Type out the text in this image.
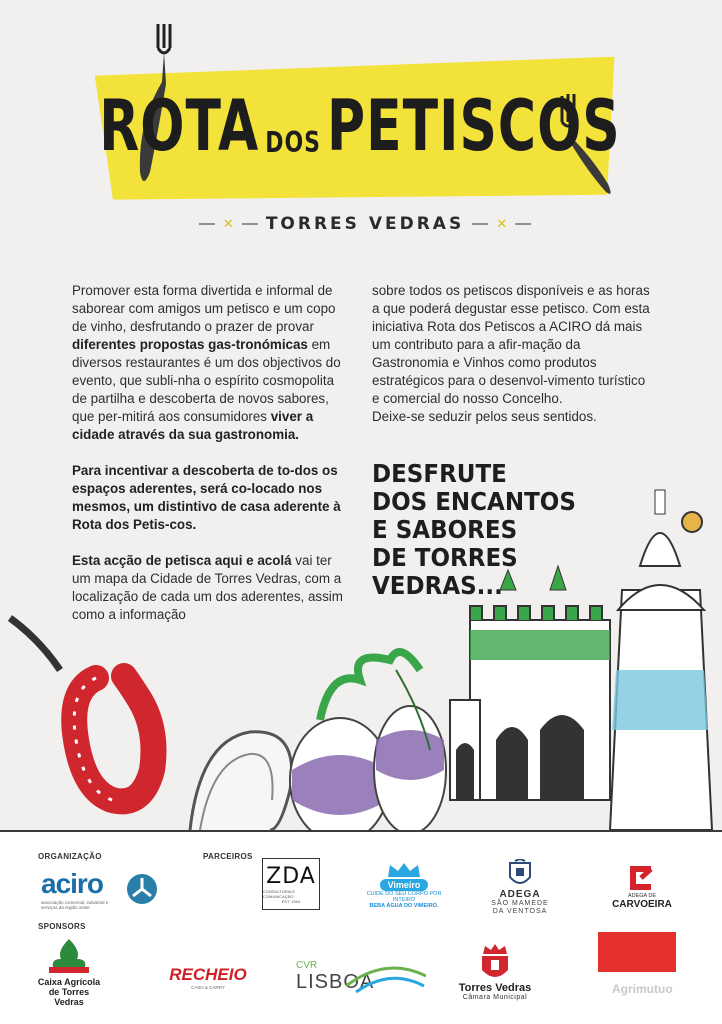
ROTA DOS PETISCOS
— ✕ — TORRES VEDRAS — ✕ —

Promover esta forma divertida e informal de saborear com amigos um petisco e um copo de vinho, desfrutando o prazer de provar diferentes propostas gas-tronómicas em diversos restaurantes é um dos objectivos do evento, que subli-nha o espírito cosmopolita de partilha e descoberta de novos sabores, que per-mitirá aos consumidores viver a cidade através da sua gastronomia.

Para incentivar a descoberta de to-dos os espaços aderentes, será co-locado nos mesmos, um distintivo de casa aderente à Rota dos Petis-cos.

Esta acção de petisca aqui e acolá vai ter um mapa da Cidade de Torres Vedras, com a localização de cada um dos aderentes, assim como a informação

sobre todos os petiscos disponíveis e as horas a que poderá degustar esse petisco. Com esta iniciativa Rota dos Petiscos a ACIRO dá mais um contributo para a afir-mação da Gastronomia e Vinhos como produtos estratégicos para o desenvol-vimento turístico e comercial do nosso Concelho.

Deixe-se seduzir pelos seus sentidos.

DESFRUTE
DOS ENCANTOS
E SABORES
DE TORRES VEDRAS...
ORGANIZAÇÃO	PARCEIROS
SPONSORS
aciro
associação comercial, industrial e serviços da região oeste
ZDA
CONSULTORIA E COMUNICAÇÃO
EST. 1994
Vimeiro
CUIDE DO SEU CORPO POR INTEIRO
BEBA ÁGUA DO VIMEIRO.
ADEGA
SÃO MAMEDE
DA VENTOSA
ADEGA DE
CARVOEIRA
Caixa Agrícola
de Torres Vedras
RECHEIO
CASH & CARRY
CVR
LISBOA	Torres Vedras
Câmara Municipal
Agrimutuo
